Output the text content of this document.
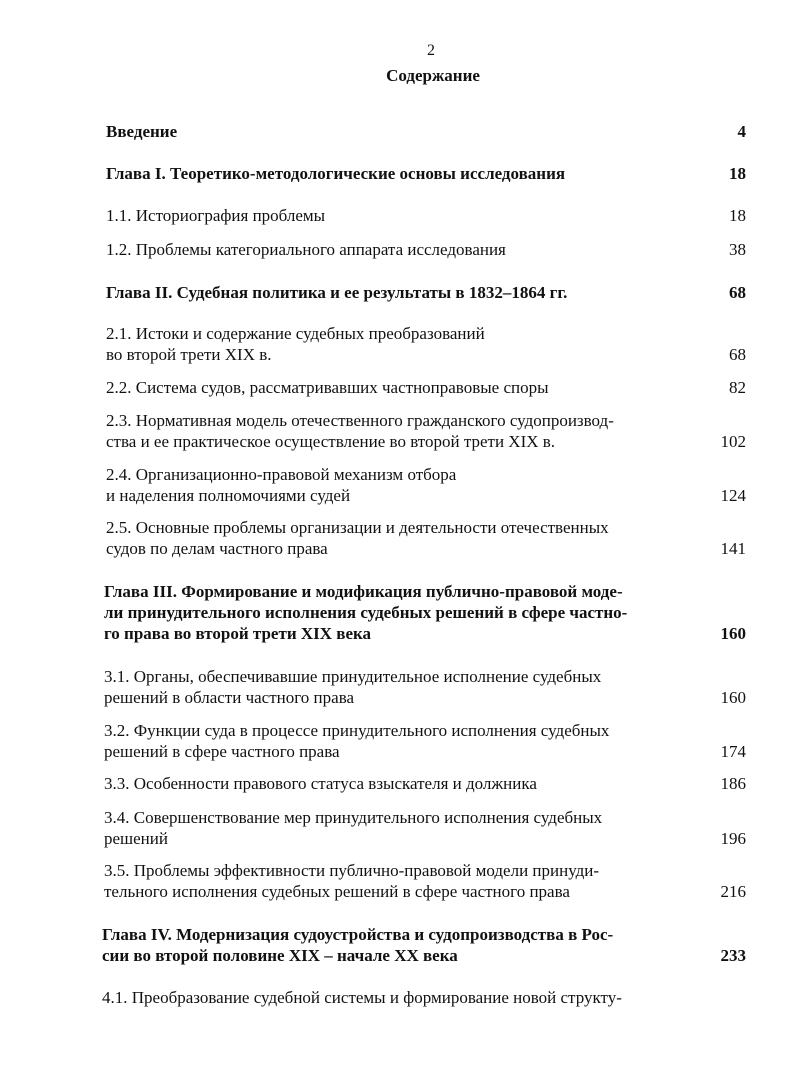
2
Содержание
Введение	4
Глава I. Теоретико-методологические основы исследования	18
1.1. Историография проблемы	18
1.2. Проблемы категориального аппарата исследования	38
Глава II. Судебная политика и ее результаты в 1832–1864 гг.	68
2.1. Истоки и содержание судебных преобразований
во второй трети XIX в.	68
2.2. Система судов, рассматривавших частноправовые споры	82
2.3. Нормативная модель отечественного гражданского судопроизвод-
ства и ее практическое осуществление во второй трети XIX в.	102
2.4. Организационно-правовой механизм отбора
и наделения полномочиями судей	124
2.5. Основные проблемы организации и деятельности отечественных
судов по делам частного права	141
Глава III. Формирование и модификация публично-правовой моде-
ли принудительного исполнения судебных решений в сфере частно-
го права во второй трети XIX века	160
3.1. Органы, обеспечивавшие принудительное исполнение судебных
решений в области частного права	160
3.2. Функции суда в процессе принудительного исполнения судебных
решений в сфере частного права	174
3.3. Особенности правового статуса взыскателя и должника	186
3.4. Совершенствование мер принудительного исполнения судебных
решений	196
3.5. Проблемы эффективности публично-правовой модели принуди-
тельного исполнения судебных решений в сфере частного права	216
Глава IV. Модернизация судоустройства и судопроизводства в Рос-
сии во второй половине XIX – начале XX века	233
4.1. Преобразование судебной системы и формирование новой структу-
